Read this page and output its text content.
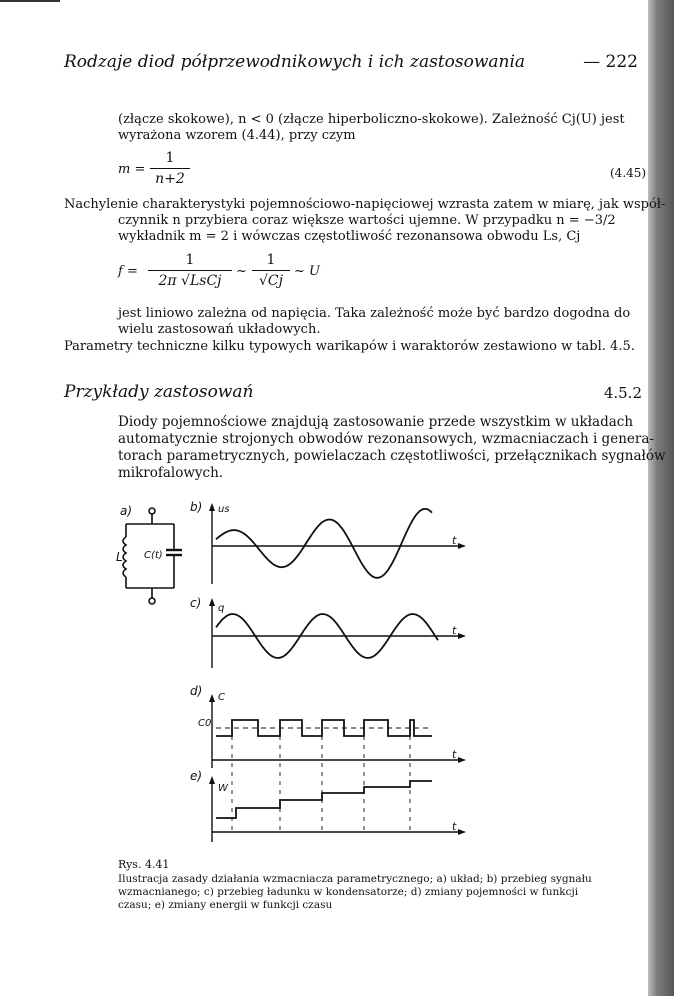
Rodzaje diod półprzewodnikowych i ich zastosowania	— 222
(złącze skokowe), n < 0 (złącze hiperboliczno-skokowe). Zależność Cj(U) jest
wyrażona wzorem (4.44), przy czym
m =
1
n+2	(4.45)
Nachylenie charakterystyki pojemnościowo-napięciowej wzrasta zatem w miarę, jak współ-
czynnik n przybiera coraz większe wartości ujemne. W przypadku n = −3/2
wykładnik m = 2 i wówczas częstotliwość rezonansowa obwodu Ls, Cj
f =
1
2π √LsCj
~
1
√Cj
~ U
jest liniowo zależna od napięcia. Taka zależność może być bardzo dogodna do
wielu zastosowań układowych.
Parametry techniczne kilku typowych warikapów i waraktorów zestawiono w tabl. 4.5.
Przykłady zastosowań	4.5.2
Diody pojemnościowe znajdują zastosowanie przede wszystkim w układach
automatycznie strojonych obwodów rezonansowych, wzmacniaczach i genera-
torach parametrycznych, powielaczach częstotliwości, przełącznikach sygnałów
mikrofalowych.
a)
L C(t)
b) us
t
c) q
t
d) C
C0
t
e)
W
t
Rys. 4.41
Ilustracja zasady działania wzmacniacza parametrycznego; a) układ; b) przebieg sygnału
wzmacnianego; c) przebieg ładunku w kondensatorze; d) zmiany pojemności w funkcji
czasu; e) zmiany energii w funkcji czasu
